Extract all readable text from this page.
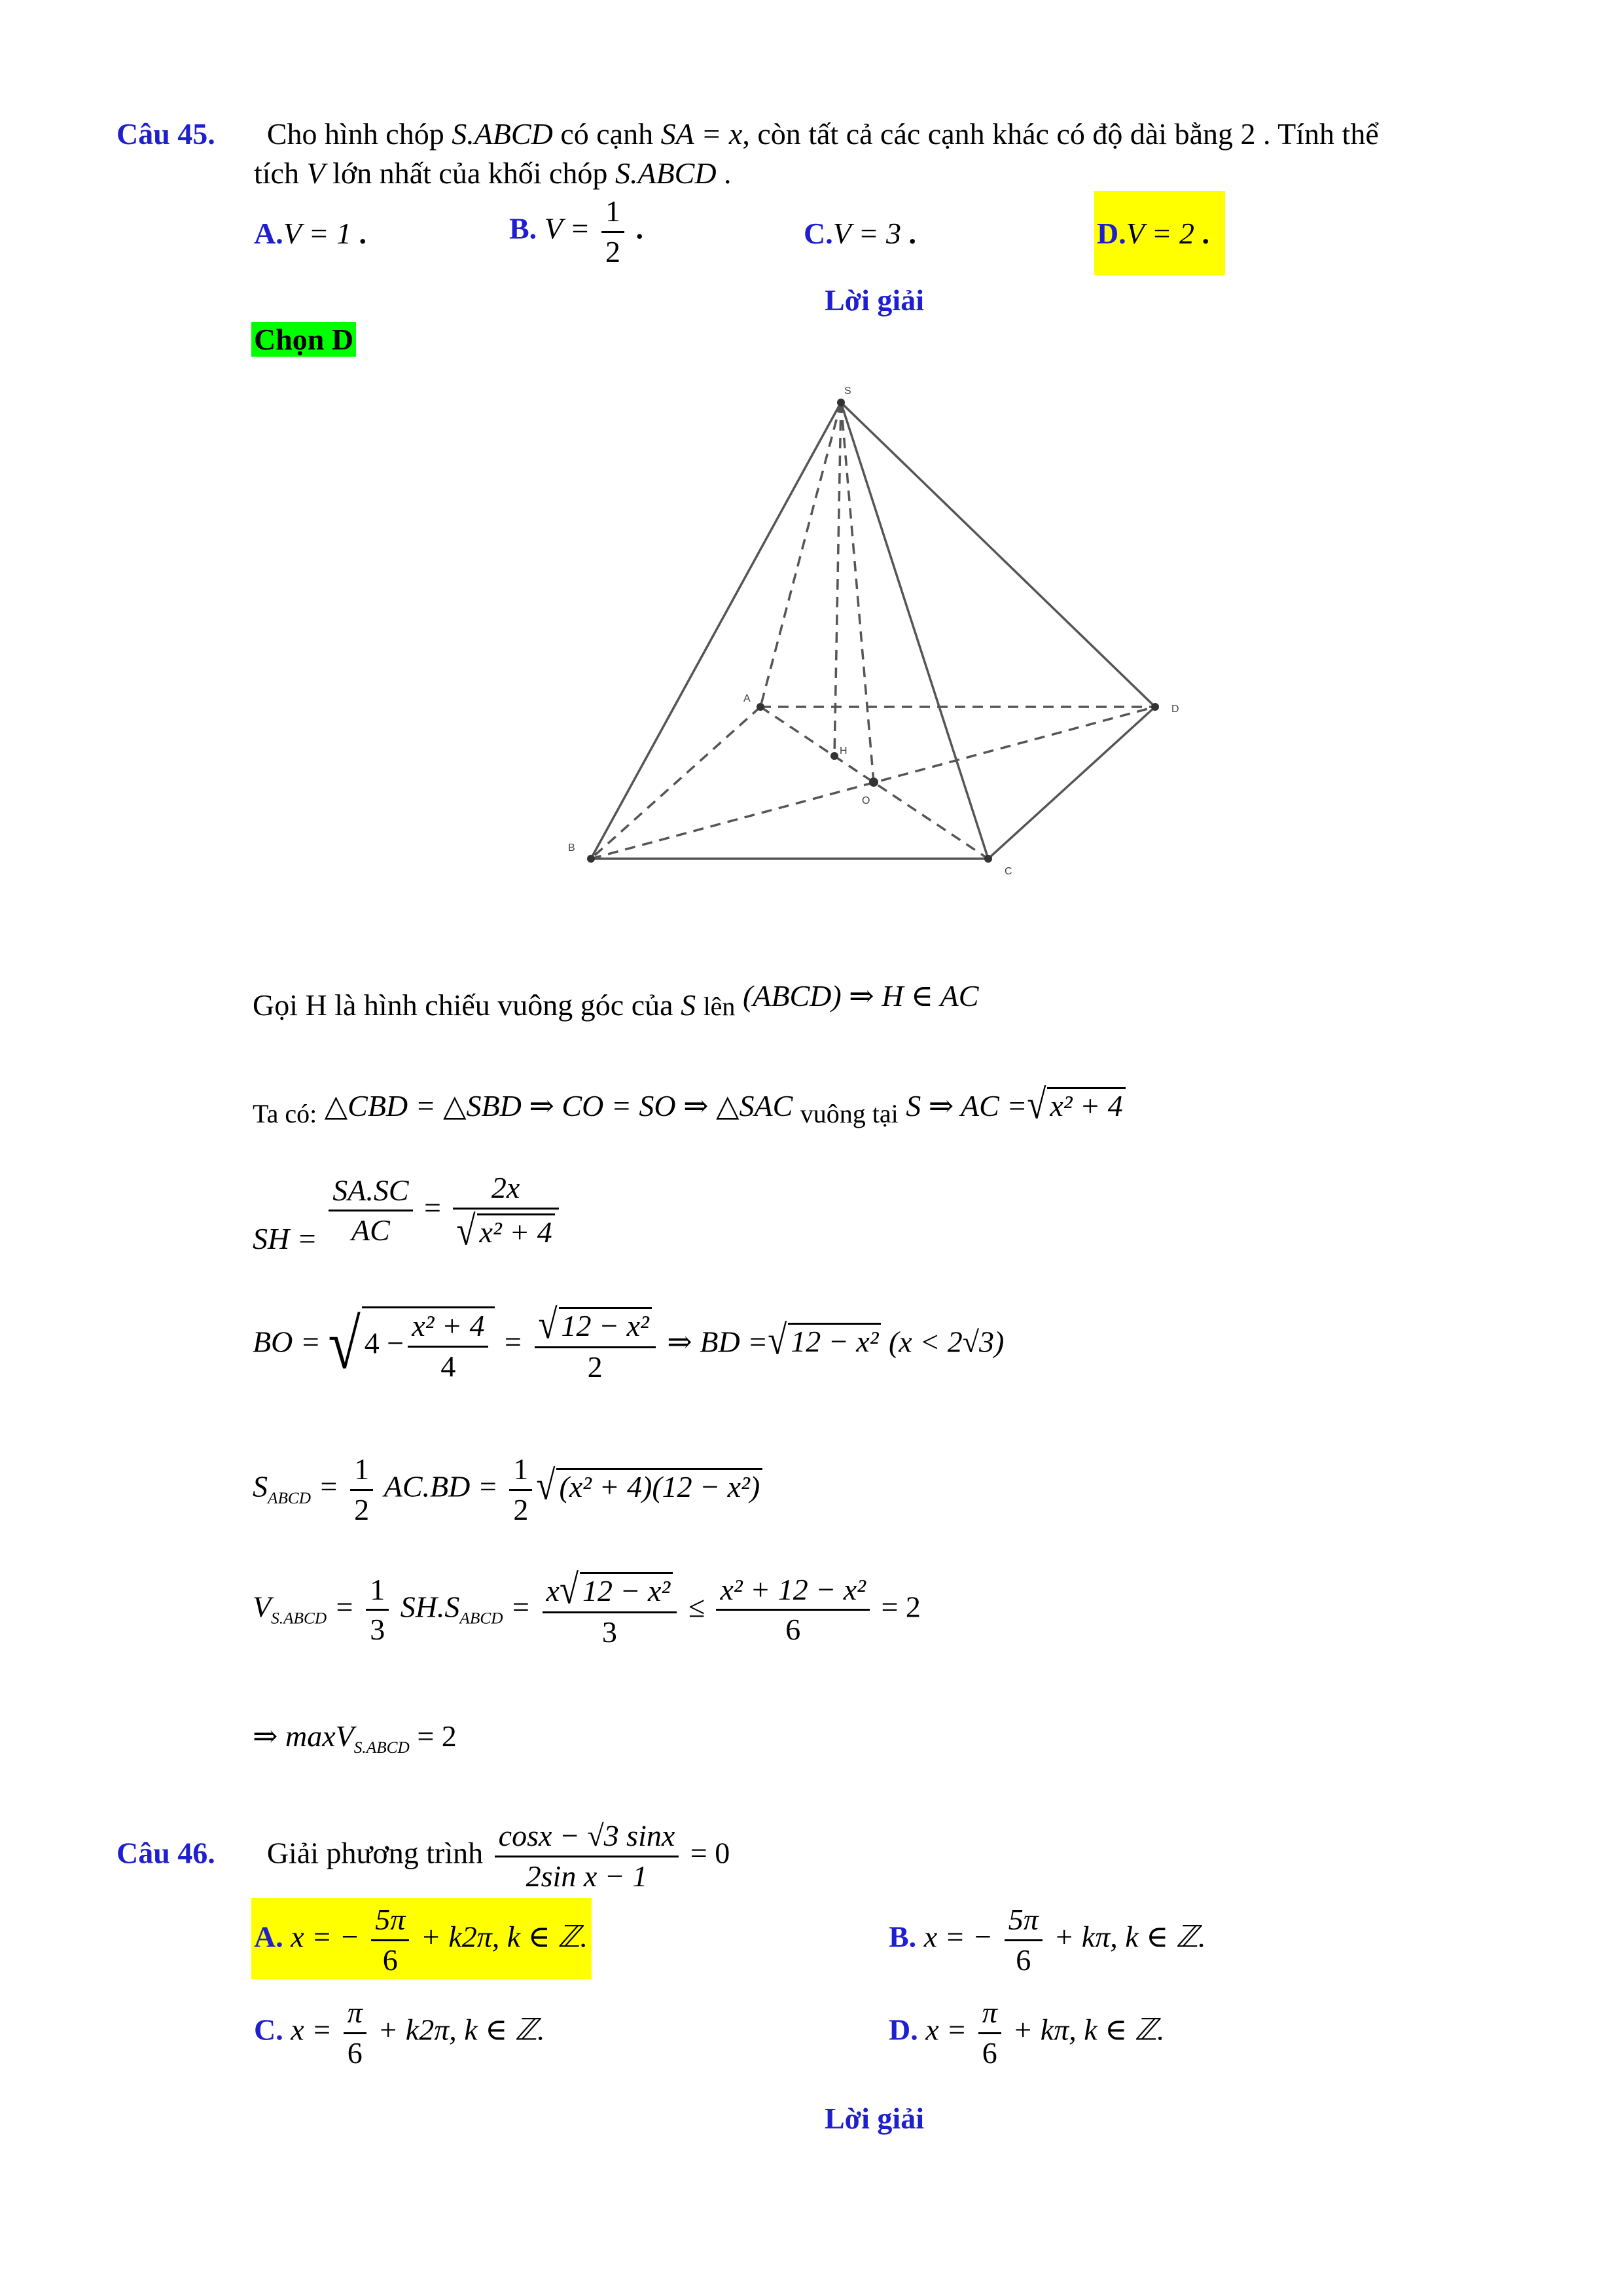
Câu 45. Cho hình chóp S.ABCD có cạnh SA = x, còn tất cả các cạnh khác có độ dài bằng 2 . Tính thể
tích V lớn nhất của khối chóp S.ABCD .
A.V = 1 .	B. $V = \frac{1}{2}$ .	C.V = 3 .	D.V = 2 .
Lời giải
Chọn D
S
A
B
C
D
H
O
Gọi H là hình chiếu vuông góc của S lên (ABCD) ⇒ H ∈ AC
Ta có: △CBD = △SBD ⇒ CO = SO ⇒ △SAC vuông tại S ⇒ AC =√ x² + 4
SH = $\frac{SA.SC}{AC} = \frac{2x}{\text{√ x² + 4}}$
BO = √ $4 - \frac{\text{x² + 4}}{4} = \frac{\text{√ 12 − x²}}{2}$ ⇒ BD =√ 12 − x² (x < 2√3)
$S_{ABCD} = \frac{1}{2} AC.BD = \frac{1}{2}$ √ (x² + 4)(12 − x²)
$V_{S.ABCD} = \frac{1}{3} SH.S_{ABCD} = \frac{\text{x√ 12 − x²}}{3} \le \frac{\text{x² + 12 − x²}}{6} = 2$
⇒ maxV$_{S.ABCD}$ = 2
Câu 46. Giải phương trình $\frac{\cos x - √3 \sin x}{\text{2sin x − 1}} = 0$
A. x = − $\frac{5\pi}{6} + k2\pi$, k ∈ ℤ.	B. x = − $\frac{5\pi}{6} + k\pi$, k ∈ ℤ.
C. $x = \frac{\pi}{6} + k2\pi$, k ∈ ℤ.	D. $x = \frac{\pi}{6} + k\pi$, k ∈ ℤ.
Lời giải
